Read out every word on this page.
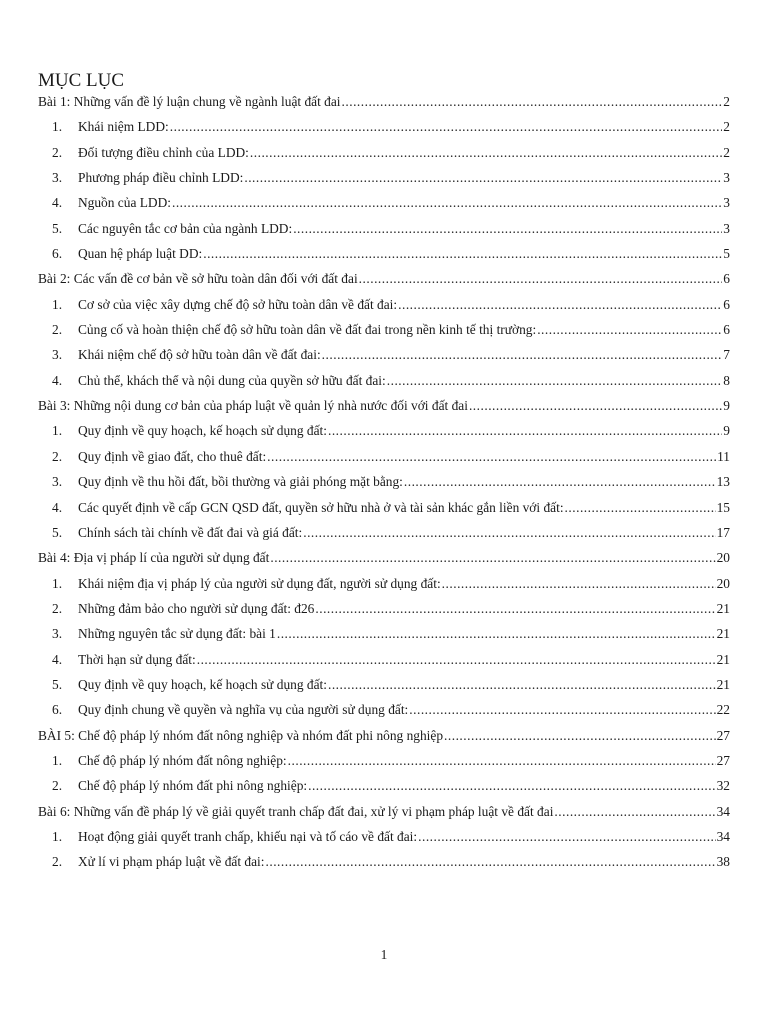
MỤC LỤC
Bài 1: Những vấn đề lý luận chung về ngành luật đất đai .....	2
1.	Khái niệm LDD: .....	2
2.	Đối tượng điều chỉnh của LDD: .....	2
3.	Phương pháp điều chỉnh LDD: .....	3
4.	Nguồn của LDD: .....	3
5.	Các nguyên tắc cơ bản của ngành LDD: .....	3
6.	Quan hệ pháp luật DD: .....	5
Bài 2: Các vấn đề cơ bản về sở hữu toàn dân đối với đất đai .....	6
1.	Cơ sở của việc xây dựng chế độ sở hữu toàn dân về đất đai: .....	6
2.	Củng cố và hoàn thiện chế độ sở hữu toàn dân về đất đai trong nền kinh tế thị trường: .....	6
3.	Khái niệm chế độ sở hữu toàn dân về đất đai: .....	7
4.	Chủ thể, khách thể và nội dung của quyền sở hữu đất đai: .....	8
Bài 3: Những nội dung cơ bản của pháp luật về quản lý nhà nước đối với đất đai .....	9
1.	Quy định về quy hoạch, kế hoạch sử dụng đất: .....	9
2.	Quy định về giao đất, cho thuê đất: .....	11
3.	Quy định về thu hồi đất, bồi thường và giải phóng mặt bằng: .....	13
4.	Các quyết định về cấp GCN QSD đất, quyền sở hữu nhà ở và tài sản khác gắn liền với đất: .....	15
5.	Chính sách tài chính về đất đai và giá đất: .....	17
Bài 4: Địa vị pháp lí của người sử dụng đất .....	20
1.	Khái niệm địa vị pháp lý của người sử dụng đất, người sử dụng đất: .....	20
2.	Những đảm bảo cho người sử dụng đất: đ26 .....	21
3.	Những nguyên tắc sử dụng đất: bài 1 .....	21
4.	Thời hạn sử dụng đất: .....	21
5.	Quy định về quy hoạch, kế hoạch sử dụng đất: .....	21
6.	Quy định chung về quyền và nghĩa vụ của người sử dụng đất: .....	22
BÀI 5: Chế độ pháp lý nhóm đất nông nghiệp và nhóm đất phi nông nghiệp .....	27
1.	Chế độ pháp lý nhóm đất nông nghiệp: .....	27
2.	Chế độ pháp lý nhóm đất phi nông nghiệp: .....	32
Bài 6: Những vấn đề pháp lý về giải quyết tranh chấp đất đai, xử lý vi phạm pháp luật về đất đai .....	34
1.	Hoạt động giải quyết tranh chấp, khiếu nại và tố cáo về đất đai: .....	34
2.	Xử lí vi phạm pháp luật về đất đai: .....	38
1
